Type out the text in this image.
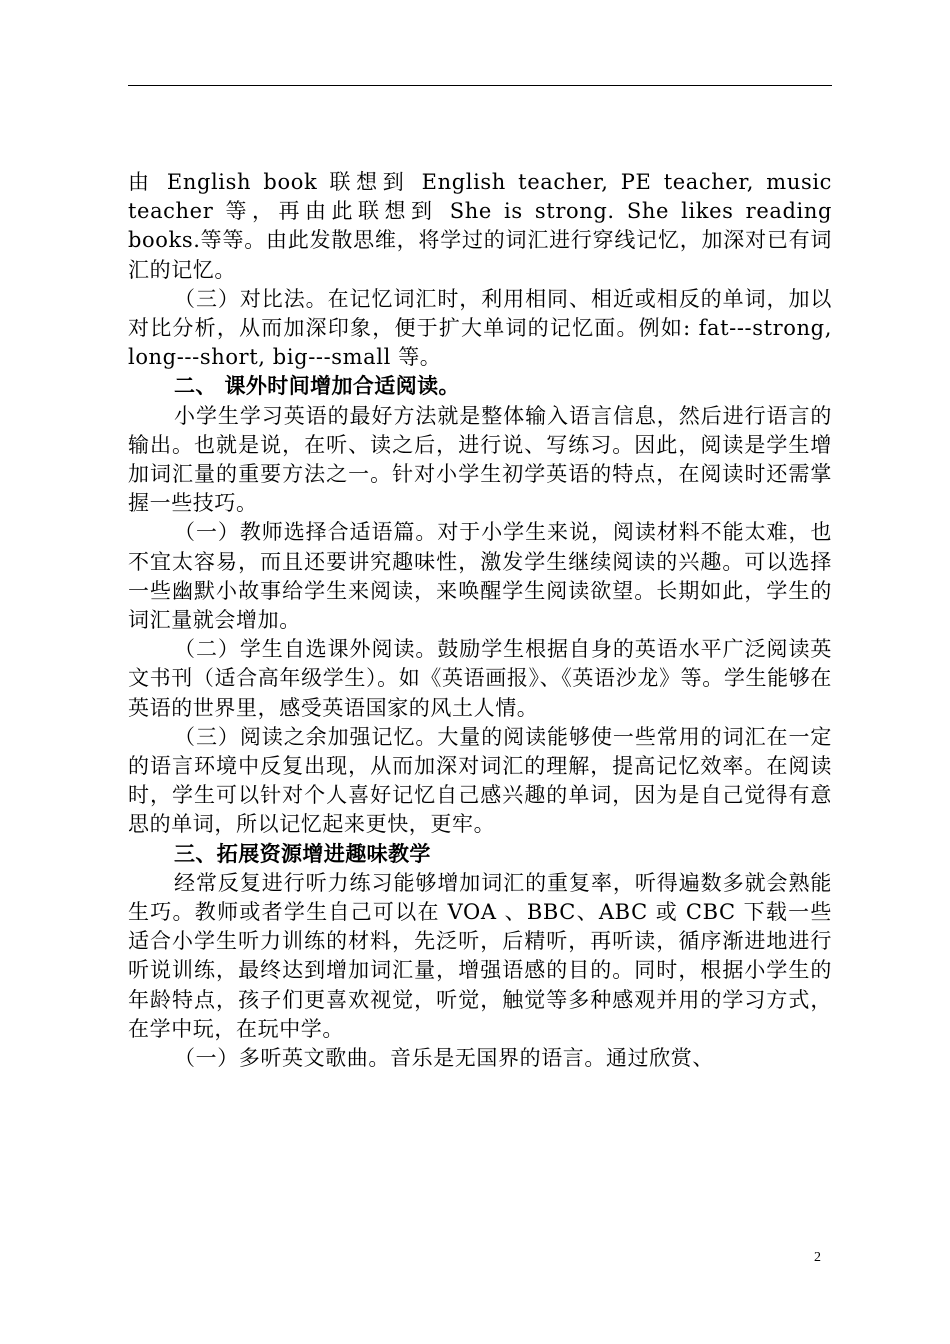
由 English book 联想到 English teacher, PE teacher, music teacher 等，再由此联想到 She is strong. She likes reading books.等等。由此发散思维，将学过的词汇进行穿线记忆，加深对已有词汇的记忆。

（三）对比法。在记忆词汇时，利用相同、相近或相反的单词，加以对比分析，从而加深印象，便于扩大单词的记忆面。例如: fat---strong, long---short, big---small 等。

二、 课外时间增加合适阅读。

小学生学习英语的最好方法就是整体输入语言信息，然后进行语言的输出。也就是说，在听、读之后，进行说、写练习。因此，阅读是学生增加词汇量的重要方法之一。针对小学生初学英语的特点，在阅读时还需掌握一些技巧。

（一）教师选择合适语篇。对于小学生来说，阅读材料不能太难，也不宜太容易，而且还要讲究趣味性，激发学生继续阅读的兴趣。可以选择一些幽默小故事给学生来阅读，来唤醒学生阅读欲望。长期如此，学生的词汇量就会增加。

（二）学生自选课外阅读。鼓励学生根据自身的英语水平广泛阅读英文书刊（适合高年级学生）。如《英语画报》、《英语沙龙》等。学生能够在英语的世界里，感受英语国家的风土人情。

（三）阅读之余加强记忆。大量的阅读能够使一些常用的词汇在一定的语言环境中反复出现，从而加深对词汇的理解，提高记忆效率。在阅读时，学生可以针对个人喜好记忆自己感兴趣的单词，因为是自己觉得有意思的单词，所以记忆起来更快，更牢。

三、拓展资源增进趣味教学

经常反复进行听力练习能够增加词汇的重复率，听得遍数多就会熟能生巧。教师或者学生自己可以在 VOA 、BBC、ABC 或 CBC 下载一些适合小学生听力训练的材料，先泛听，后精听，再听读，循序渐进地进行听说训练，最终达到增加词汇量，增强语感的目的。同时，根据小学生的年龄特点，孩子们更喜欢视觉，听觉，触觉等多种感观并用的学习方式，在学中玩，在玩中学。

（一）多听英文歌曲。音乐是无国界的语言。通过欣赏、

2
